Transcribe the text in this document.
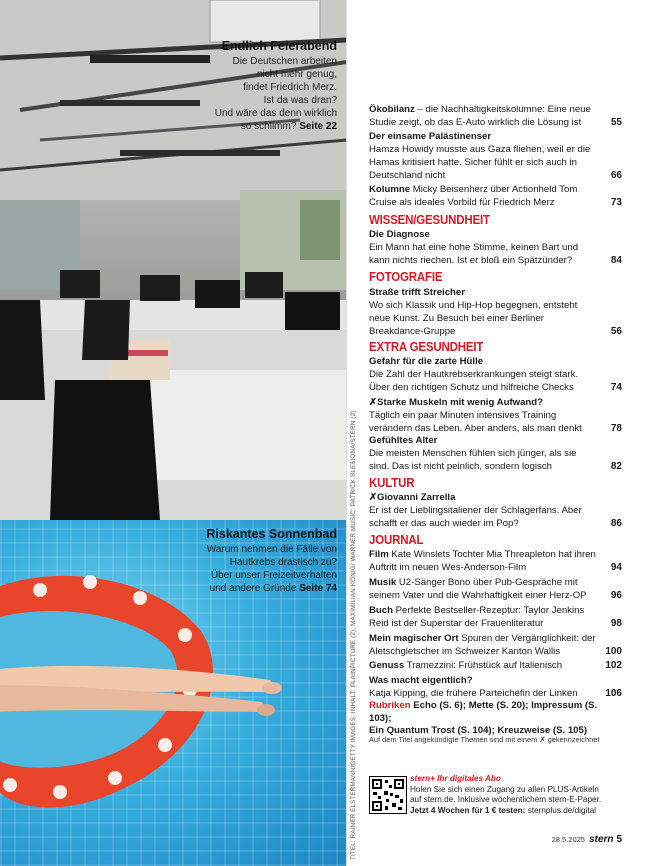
Endlich Feierabend
Die Deutschen arbeiten
nicht mehr genug,
findet Friedrich Merz.
Ist da was dran?
Und wäre das denn wirklich
so schlimm? Seite 22
Riskantes Sonnenbad
Warum nehmen die Fälle von
Hautkrebs drastisch zu?
Über unser Freizeitverhalten
und andere Gründe Seite 74 TITEL: RAINER ELSTERMANN/GETTY IMAGES; INHALT: PLAINPICTURE (2); MAXIMILIAN KÖNIG/ WARNER MUSIC; PATRICK SLESIONA/STERN (2)
Ökobilanz – die Nachhaltigkeitskolumne: Eine neue Studie zeigt, ob das E-Auto wirklich die Lösung ist	55
Der einsame Palästinenser
Hamza Howidy musste aus Gaza fliehen, weil er die Hamas kritisiert hatte. Sicher fühlt er sich auch in Deutschland nicht	66
Kolumne Micky Beisenherz über Actionheld Tom Cruise als ideales Vorbild für Friedrich Merz	73
WISSEN/GESUNDHEIT
Die Diagnose
Ein Mann hat eine hohe Stimme, keinen Bart und kann nichts riechen. Ist er bloß ein Spätzünder?	84
FOTOGRAFIE
Straße trifft Streicher
Wo sich Klassik und Hip-Hop begegnen, entsteht neue Kunst. Zu Besuch bei einer Berliner Breakdance-Gruppe	56
EXTRA GESUNDHEIT
Gefahr für die zarte Hülle
Die Zahl der Hautkrebserkrankungen steigt stark. Über den richtigen Schutz und hilfreiche Checks	74
✗Starke Muskeln mit wenig Aufwand?
Täglich ein paar Minuten intensives Training verändern das Leben. Aber anders, als man denkt	78
Gefühltes Alter
Die meisten Menschen fühlen sich jünger, als sie sind. Das ist nicht peinlich, sondern logisch	82
KULTUR
✗Giovanni Zarrella
Er ist der Lieblingsitaliener der Schlagerfans. Aber schafft er das auch wieder im Pop?	86
JOURNAL
Film Kate Winslets Tochter Mia Threapleton hat ihren Auftritt im neuen Wes-Anderson-Film	94
Musik U2-Sänger Bono über Pub-Gespräche mit seinem Vater und die Wahrhaftigkeit einer Herz-OP	96
Buch Perfekte Bestseller-Rezeptur: Taylor Jenkins Reid ist der Superstar der Frauenliteratur	98
Mein magischer Ort Spuren der Vergänglichkeit: der Aletschgletscher im Schweizer Kanton Wallis	100
Genuss Tramezzini: Frühstück auf Italienisch	102
Was macht eigentlich?
Katja Kipping, die frühere Parteichefin der Linken	106
Rubriken Echo (S. 6); Mette (S. 20); Impressum (S. 103);
Ein Quantum Trost (S. 104); Kreuzweise (S. 105)
Auf dem Titel angekündigte Themen sind mit einem ✗ gekennzeichnet
stern+ Ihr digitales Abo
Holen Sie sich einen Zugang zu allen PLUS-Artikeln
auf stern.de. Inklusive wöchentlichem stern-E-Paper.
Jetzt 4 Wochen für 1 € testen: sternplus.de/digital
28.5.2025 stern 5
